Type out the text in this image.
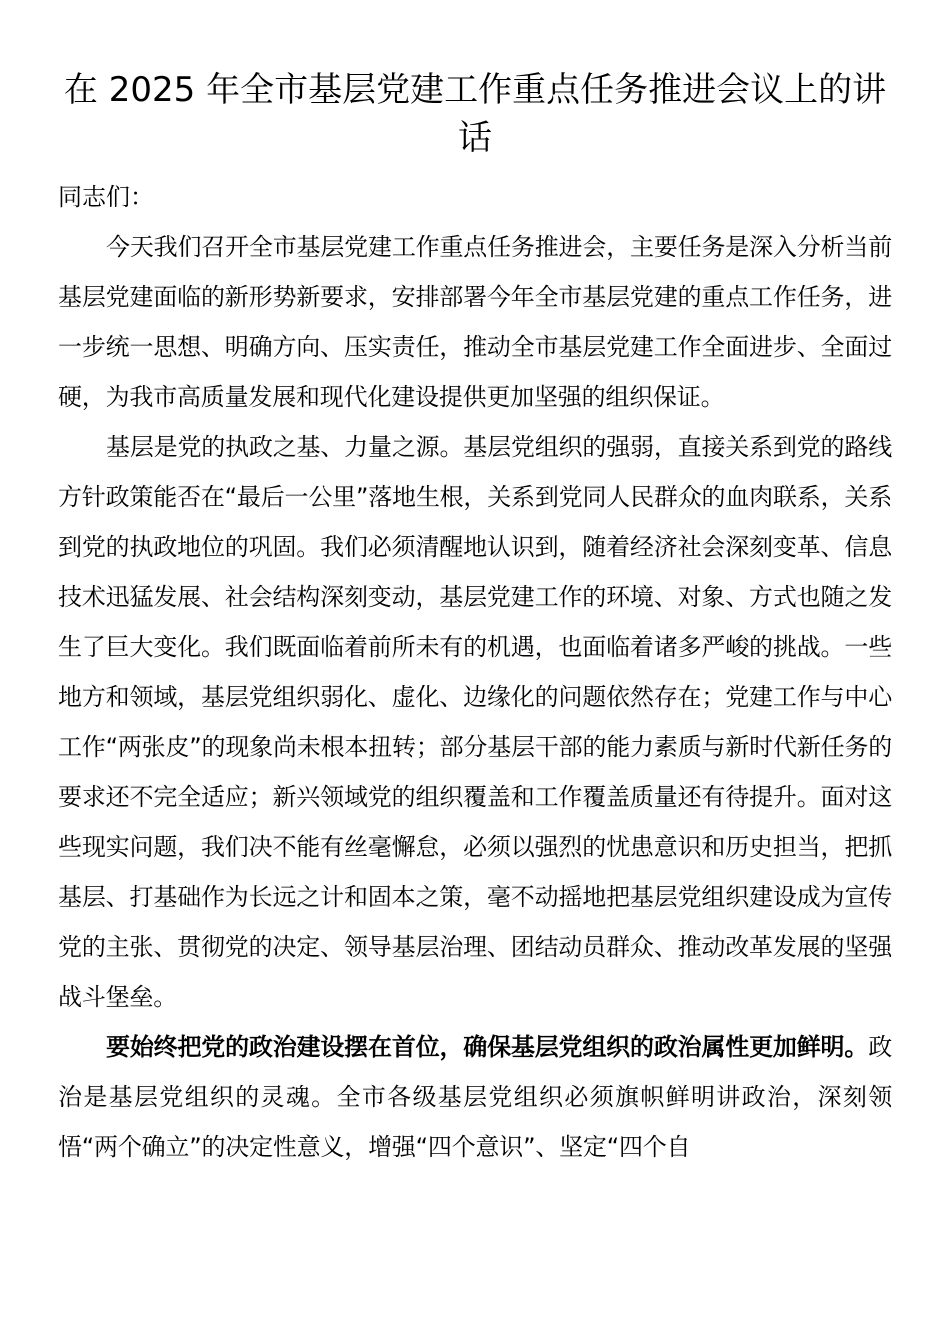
在 2025 年全市基层党建工作重点任务推进会议上的讲话

同志们：

今天我们召开全市基层党建工作重点任务推进会，主要任务是深入分析当前基层党建面临的新形势新要求，安排部署今年全市基层党建的重点工作任务，进一步统一思想、明确方向、压实责任，推动全市基层党建工作全面进步、全面过硬，为我市高质量发展和现代化建设提供更加坚强的组织保证。

基层是党的执政之基、力量之源。基层党组织的强弱，直接关系到党的路线方针政策能否在“最后一公里”落地生根，关系到党同人民群众的血肉联系，关系到党的执政地位的巩固。我们必须清醒地认识到，随着经济社会深刻变革、信息技术迅猛发展、社会结构深刻变动，基层党建工作的环境、对象、方式也随之发生了巨大变化。我们既面临着前所未有的机遇，也面临着诸多严峻的挑战。一些地方和领域，基层党组织弱化、虚化、边缘化的问题依然存在；党建工作与中心工作“两张皮”的现象尚未根本扭转；部分基层干部的能力素质与新时代新任务的要求还不完全适应；新兴领域党的组织覆盖和工作覆盖质量还有待提升。面对这些现实问题，我们决不能有丝毫懈怠，必须以强烈的忧患意识和历史担当，把抓基层、打基础作为长远之计和固本之策，毫不动摇地把基层党组织建设成为宣传党的主张、贯彻党的决定、领导基层治理、团结动员群众、推动改革发展的坚强战斗堡垒。

要始终把党的政治建设摆在首位，确保基层党组织的政治属性更加鲜明。政治是基层党组织的灵魂。全市各级基层党组织必须旗帜鲜明讲政治，深刻领悟“两个确立”的决定性意义，增强“四个意识”、坚定“四个自
